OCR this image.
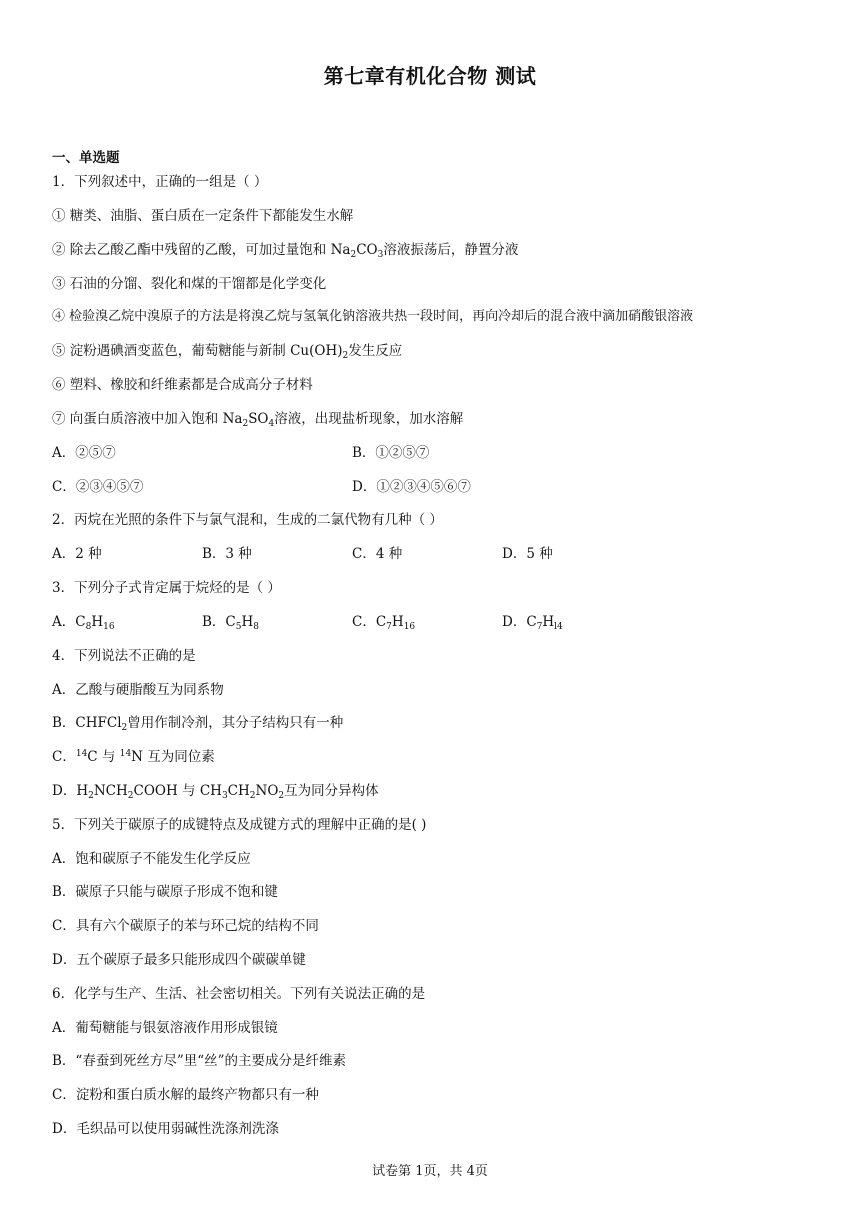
第七章有机化合物 测试
一、单选题
1．下列叙述中，正确的一组是（ ）
① 糖类、油脂、蛋白质在一定条件下都能发生水解
② 除去乙酸乙酯中残留的乙酸，可加过量饱和 $Na_2CO_3$溶液振荡后，静置分液
③ 石油的分馏、裂化和煤的干馏都是化学变化
④ 检验溴乙烷中溴原子的方法是将溴乙烷与氢氧化钠溶液共热一段时间，再向冷却后的混合液中滴加硝酸银溶液
⑤ 淀粉遇碘酒变蓝色，葡萄糖能与新制 $Cu(OH)_2$发生反应
⑥ 塑料、橡胶和纤维素都是合成高分子材料
⑦ 向蛋白质溶液中加入饱和 $Na_2SO_4$溶液，出现盐析现象，加水溶解
A．②⑤⑦	B．①②⑤⑦
C．②③④⑤⑦	D．①②③④⑤⑥⑦
2．丙烷在光照的条件下与氯气混和，生成的二氯代物有几种（ ）
A．2 种	B．3 种	C．4 种	D．5 种
3．下列分子式肯定属于烷烃的是（ ）
A．$C_8H_{16}$	B．$C_5H_8$	C．$C_7H_{16}$	D．$C_7H_{l4}$
4．下列说法不正确的是
A．乙酸与硬脂酸互为同系物
B．CHFCl$_2$曾用作制冷剂，其分子结构只有一种
C．$^{14}$C 与 $^{14}$N 互为同位素
D．$H_2NCH_2COOH$ 与 $CH_3CH_2NO_2$互为同分异构体
5．下列关于碳原子的成键特点及成键方式的理解中正确的是( )
A．饱和碳原子不能发生化学反应
B．碳原子只能与碳原子形成不饱和键
C．具有六个碳原子的苯与环己烷的结构不同
D．五个碳原子最多只能形成四个碳碳单键
6．化学与生产、生活、社会密切相关。下列有关说法正确的是
A．葡萄糖能与银氨溶液作用形成银镜
B．“春蚕到死丝方尽”里“丝”的主要成分是纤维素
C．淀粉和蛋白质水解的最终产物都只有一种
D．毛织品可以使用弱碱性洗涤剂洗涤
试卷第 1页，共 4页
